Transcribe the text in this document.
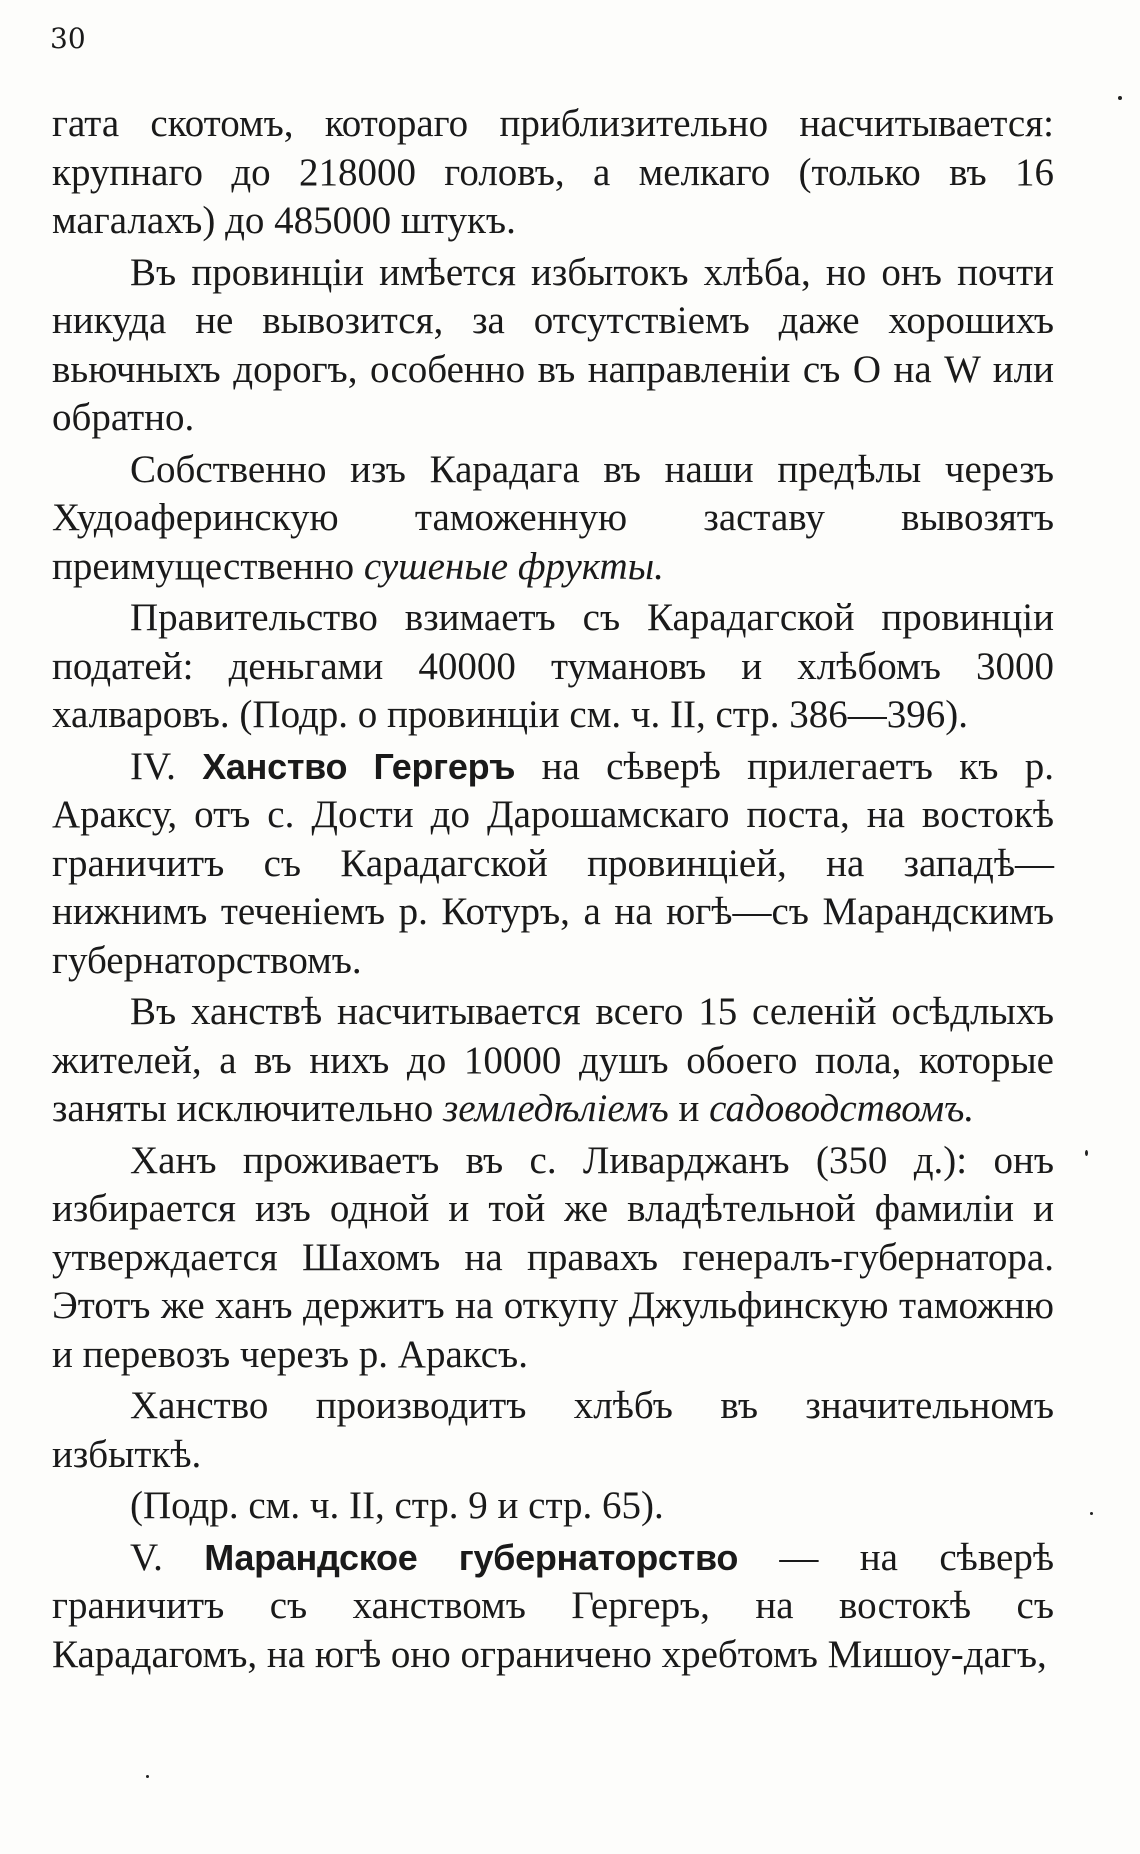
30

гата скотомъ, котораго приблизительно насчитывается: крупнаго до 218000 головъ, а мелкаго (только въ 16 магалахъ) до 485000 штукъ.

Въ провинціи имѣется избытокъ хлѣба, но онъ почти никуда не вывозится, за отсутствіемъ даже хорошихъ вьючныхъ дорогъ, особенно въ направленіи съ O на W или обратно.

Собственно изъ Карадага въ наши предѣлы черезъ Худоаферинскую таможенную заставу вывозятъ преимущественно сушеные фрукты.

Правительство взимаетъ съ Карадагской провинціи податей: деньгами 40000 тумановъ и хлѣбомъ 3000 халваровъ. (Подр. о провинціи см. ч. II, стр. 386—396).

IV. Ханство Гергеръ на сѣверѣ прилегаетъ къ р. Араксу, отъ с. Дости до Дарошамскаго поста, на востокѣ граничитъ съ Карадагской провинціей, на западѣ—нижнимъ теченіемъ р. Котуръ, а на югѣ—съ Марандскимъ губернаторствомъ.

Въ ханствѣ насчитывается всего 15 селеній осѣдлыхъ жителей, а въ нихъ до 10000 душъ обоего пола, которые заняты исключительно земледѣліемъ и садоводствомъ.

Ханъ проживаетъ въ с. Ливарджанъ (350 д.): онъ избирается изъ одной и той же владѣтельной фамиліи и утверждается Шахомъ на правахъ генералъ-губернатора. Этотъ же ханъ держитъ на откупу Джульфинскую таможню и перевозъ черезъ р. Араксъ.

Ханство производитъ хлѣбъ въ значительномъ избыткѣ.

(Подр. см. ч. II, стр. 9 и стр. 65).

V. Марандское губернаторство — на сѣверѣ граничитъ съ ханствомъ Гергеръ, на востокѣ съ Карадагомъ, на югѣ оно ограничено хребтомъ Мишоу-дагъ,
